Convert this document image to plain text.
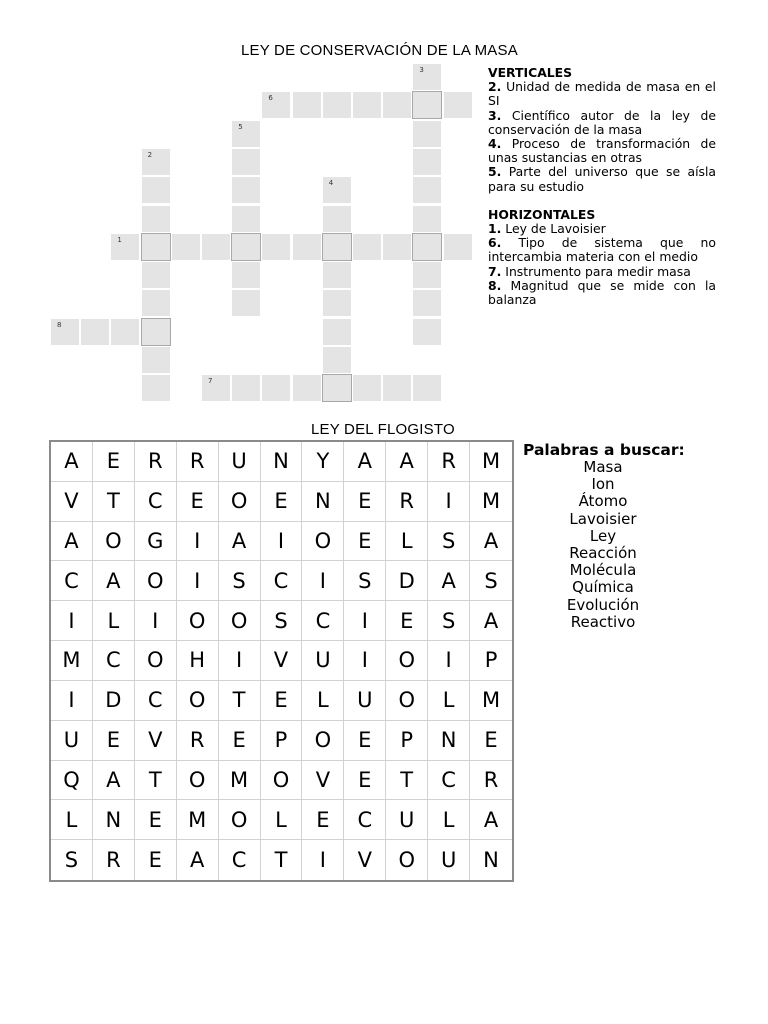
LEY DE CONSERVACIÓN DE LA MASA
1
2
3
4
5
6
7
8
VERTICALES
2. Unidad de medida de masa en el SI
3. Científico autor de la ley de conservación de la masa
4. Proceso de transformación de unas sustancias en otras
5. Parte del universo que se aísla para su estudio
HORIZONTALES
1. Ley de Lavoisier
6. Tipo de sistema que no intercambia materia con el medio
7. Instrumento para medir masa
8. Magnitud que se mide con la balanza
LEY DEL FLOGISTO
A	E	R	R	U	N	Y	A	A	R	M
V	T	C	E	O	E	N	E	R	I	M
A	O	G	I	A	I	O	E	L	S	A
C	A	O	I	S	C	I	S	D	A	S
I	L	I	O	O	S	C	I	E	S	A
M	C	O	H	I	V	U	I	O	I	P
I	D	C	O	T	E	L	U	O	L	M
U	E	V	R	E	P	O	E	P	N	E
Q	A	T	O	M	O	V	E	T	C	R
L	N	E	M	O	L	E	C	U	L	A
S	R	E	A	C	T	I	V	O	U	N
Palabras a buscar:
Masa
Ion
Átomo
Lavoisier
Ley
Reacción
Molécula
Química
Evolución
Reactivo
